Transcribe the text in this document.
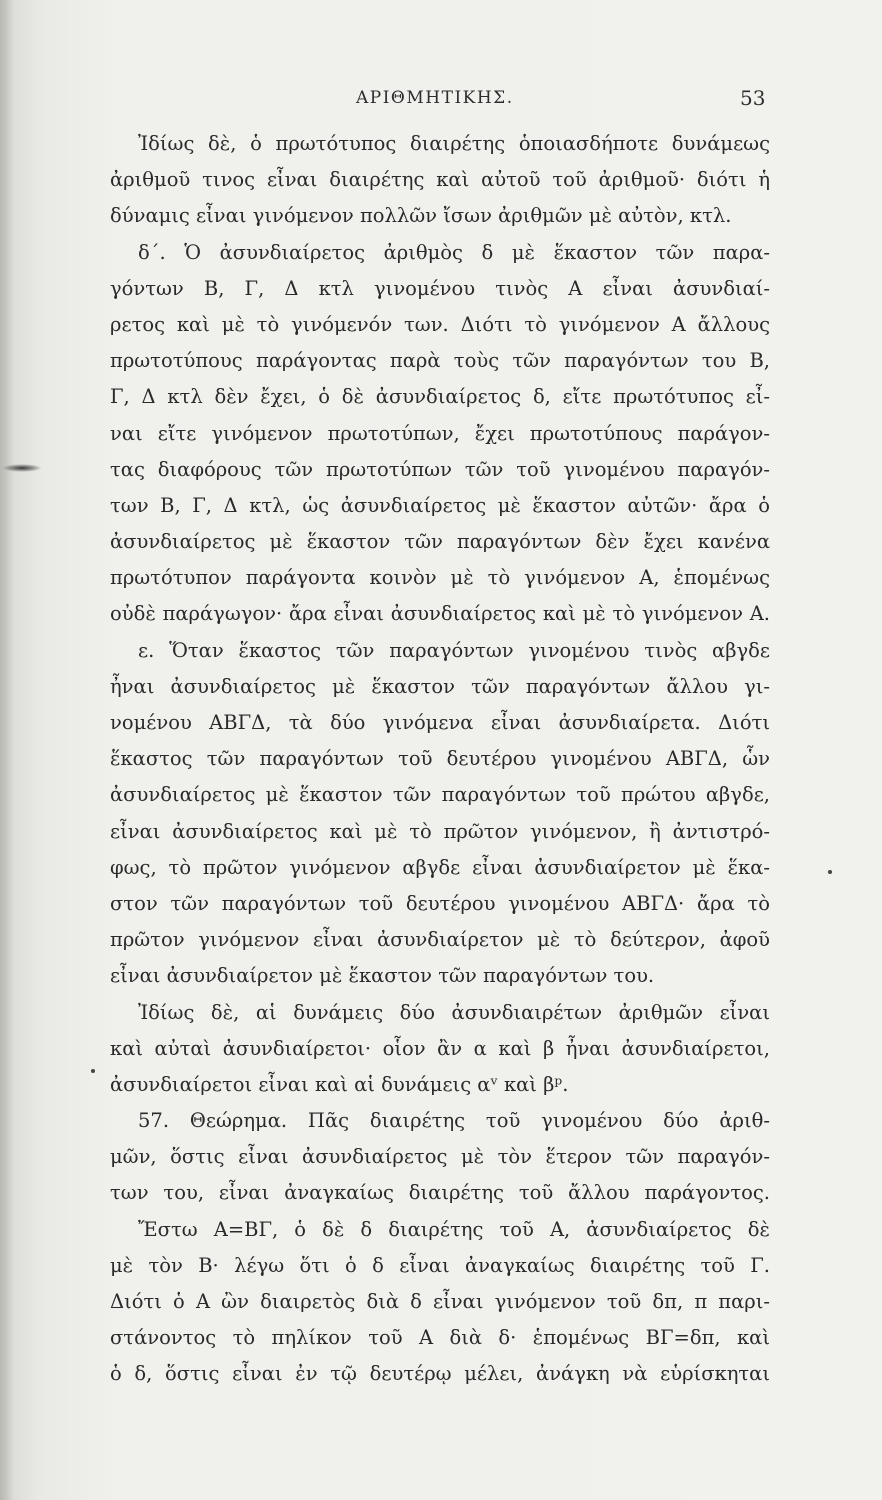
ΑΡΙΘΜΗΤΙΚΗΣ.	53
Ἰδίως δὲ, ὁ πρωτότυπος διαιρέτης ὁποιασδήποτε δυνάμεως
ἀριθμοῦ τινος εἶναι διαιρέτης καὶ αὐτοῦ τοῦ ἀριθμοῦ· διότι ἡ
δύναμις εἶναι γινόμενον πολλῶν ἴσων ἀριθμῶν μὲ αὐτὸν, κτλ.
δ΄. Ὁ ἀσυνδιαίρετος ἀριθμὸς δ μὲ ἕκαστον τῶν παρα-
γόντων Β, Γ, Δ κτλ γινομένου τινὸς Α εἶναι ἀσυνδιαί-
ρετος καὶ μὲ τὸ γινόμενόν των. Διότι τὸ γινόμενον Α ἄλλους
πρωτοτύπους παράγοντας παρὰ τοὺς τῶν παραγόντων του Β,
Γ, Δ κτλ δὲν ἔχει, ὁ δὲ ἀσυνδιαίρετος δ, εἴτε πρωτότυπος εἶ-
ναι εἴτε γινόμενον πρωτοτύπων, ἔχει πρωτοτύπους παράγον-
τας διαφόρους τῶν πρωτοτύπων τῶν τοῦ γινομένου παραγόν-
των Β, Γ, Δ κτλ, ὡς ἀσυνδιαίρετος μὲ ἕκαστον αὐτῶν· ἄρα ὁ
ἀσυνδιαίρετος μὲ ἕκαστον τῶν παραγόντων δὲν ἔχει κανένα
πρωτότυπον παράγοντα κοινὸν μὲ τὸ γινόμενον Α, ἑπομένως
οὐδὲ παράγωγον· ἄρα εἶναι ἀσυνδιαίρετος καὶ μὲ τὸ γινόμενον Α.
ε. Ὅταν ἕκαστος τῶν παραγόντων γινομένου τινὸς αβγδε
ἦναι ἀσυνδιαίρετος μὲ ἕκαστον τῶν παραγόντων ἄλλου γι-
νομένου ΑΒΓΔ, τὰ δύο γινόμενα εἶναι ἀσυνδιαίρετα. Διότι
ἕκαστος τῶν παραγόντων τοῦ δευτέρου γινομένου ΑΒΓΔ, ὧν
ἀσυνδιαίρετος μὲ ἕκαστον τῶν παραγόντων τοῦ πρώτου αβγδε,
εἶναι ἀσυνδιαίρετος καὶ μὲ τὸ πρῶτον γινόμενον, ἢ ἀντιστρό-
φως, τὸ πρῶτον γινόμενον αβγδε εἶναι ἀσυνδιαίρετον μὲ ἕκα-
στον τῶν παραγόντων τοῦ δευτέρου γινομένου ΑΒΓΔ· ἄρα τὸ
πρῶτον γινόμενον εἶναι ἀσυνδιαίρετον μὲ τὸ δεύτερον, ἀφοῦ
εἶναι ἀσυνδιαίρετον μὲ ἕκαστον τῶν παραγόντων του.
Ἰδίως δὲ, αἱ δυνάμεις δύο ἀσυνδιαιρέτων ἀριθμῶν εἶναι
καὶ αὐταὶ ἀσυνδιαίρετοι· οἷον ἂν α καὶ β ἦναι ἀσυνδιαίρετοι,
ἀσυνδιαίρετοι εἶναι καὶ αἱ δυνάμεις αᵛ καὶ βᵖ.
57. Θεώρημα. Πᾶς διαιρέτης τοῦ γινομένου δύο ἀριθ-
μῶν, ὅστις εἶναι ἀσυνδιαίρετος μὲ τὸν ἕτερον τῶν παραγόν-
των του, εἶναι ἀναγκαίως διαιρέτης τοῦ ἄλλου παράγοντος.
Ἔστω Α=ΒΓ, ὁ δὲ δ διαιρέτης τοῦ Α, ἀσυνδιαίρετος δὲ
μὲ τὸν Β· λέγω ὅτι ὁ δ εἶναι ἀναγκαίως διαιρέτης τοῦ Γ.
Διότι ὁ Α ὢν διαιρετὸς διὰ δ εἶναι γινόμενον τοῦ δπ, π παρι-
στάνοντος τὸ πηλίκον τοῦ Α διὰ δ· ἑπομένως ΒΓ=δπ, καὶ
ὁ δ, ὅστις εἶναι ἐν τῷ δευτέρῳ μέλει, ἀνάγκη νὰ εὑρίσκηται
